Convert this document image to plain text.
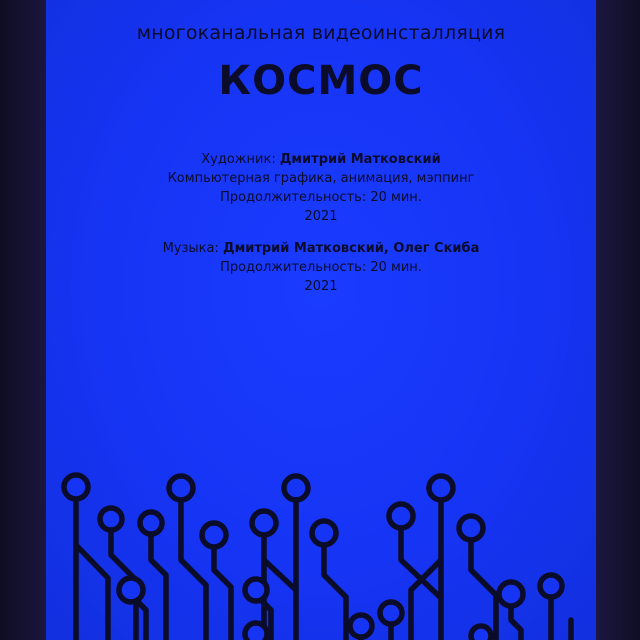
многоканальная видеоинсталляция
КОСМОС
Художник: Дмитрий Матковский
Компьютерная графика, анимация, мэппинг
Продолжительность: 20 мин.
2021
Музыка: Дмитрий Матковский, Олег Скиба
Продолжительность: 20 мин.
2021
